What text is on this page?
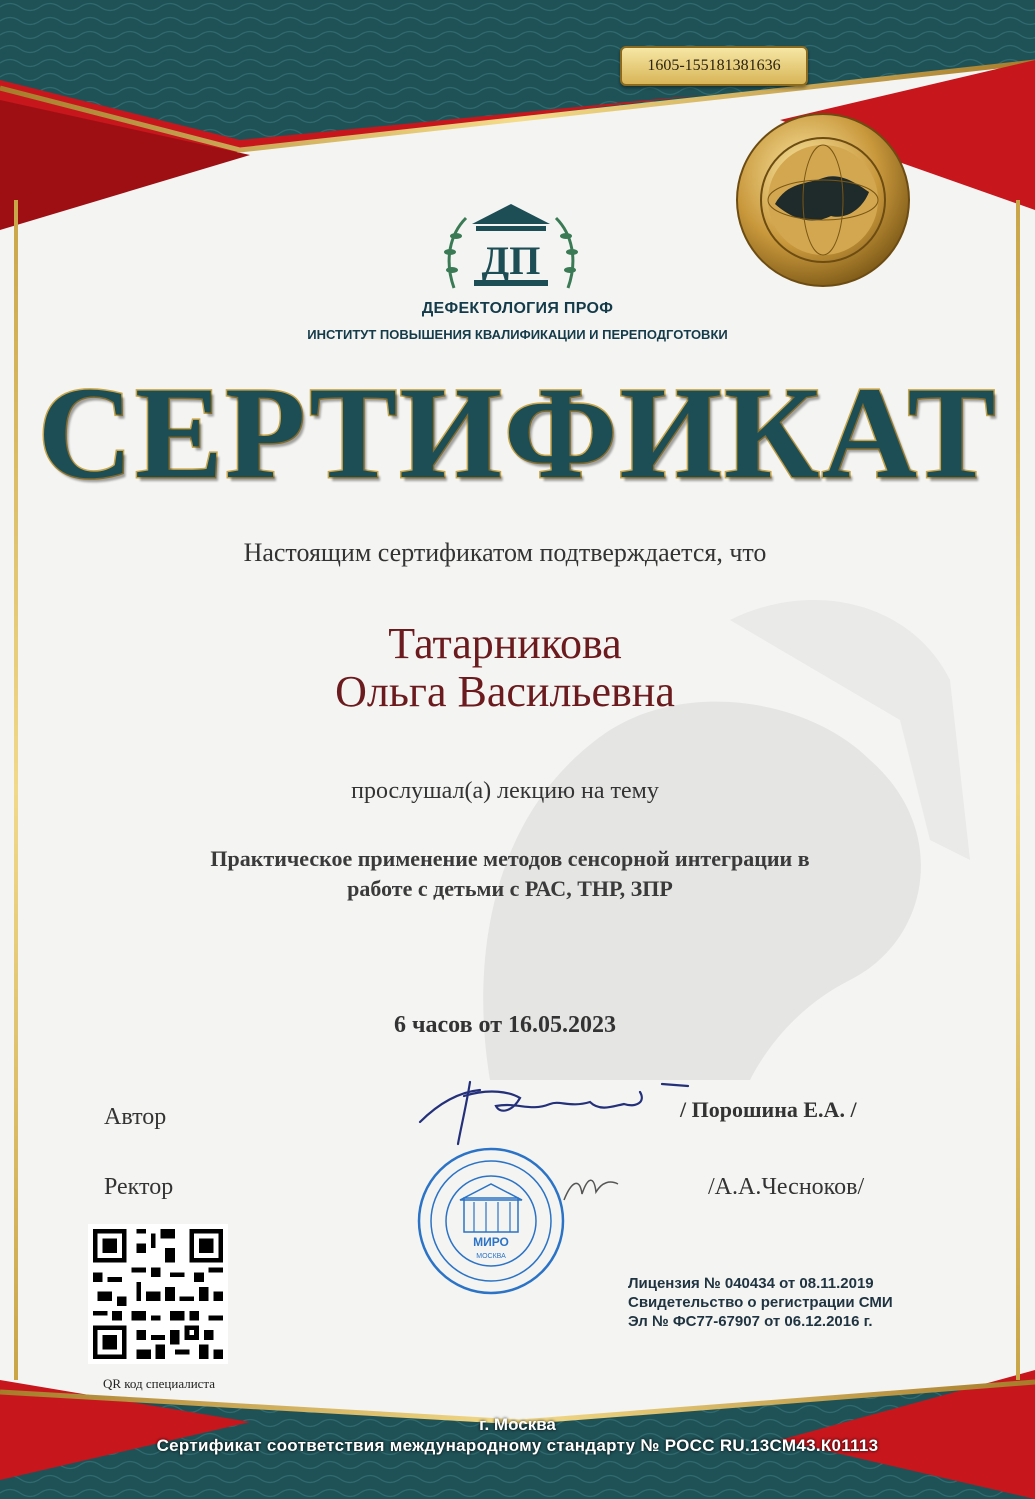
1605-155181381636
ДП
ДЕФЕКТОЛОГИЯ ПРОФ
ИНСТИТУТ ПОВЫШЕНИЯ КВАЛИФИКАЦИИ И ПЕРЕПОДГОТОВКИ
СЕРТИФИКАТ
Настоящим сертификатом подтверждается, что
Татарникова
Ольга Васильевна
прослушал(а) лекцию на тему
Практическое применение методов сенсорной интеграции в
работе с детьми с РАС, ТНР, ЗПР
6 часов от 16.05.2023
Автор	/ Порошина Е.А. /
Ректор	/А.А.Чесноков/
МИРО
МОСКВА
QR код специалиста
Лицензия № 040434 от 08.11.2019
Свидетельство о регистрации СМИ
Эл № ФС77-67907 от 06.12.2016 г.
г. Москва
Сертификат соответствия международному стандарту № РОСС RU.13СМ43.К01113
